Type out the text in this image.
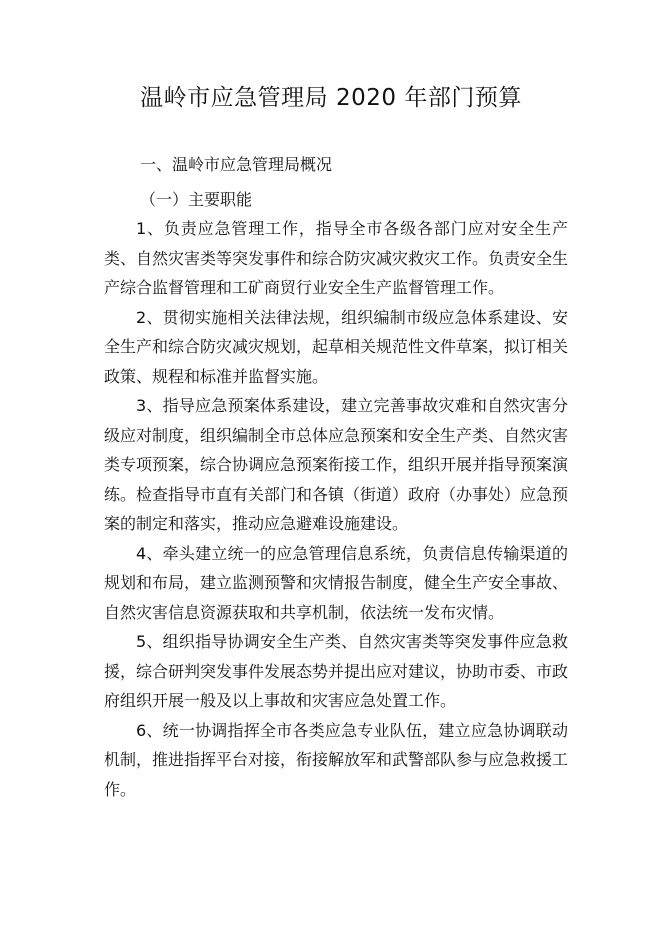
温岭市应急管理局 2020 年部门预算

一、温岭市应急管理局概况

（一）主要职能

1、负责应急管理工作，指导全市各级各部门应对安全生产类、自然灾害类等突发事件和综合防灾减灾救灾工作。负责安全生产综合监督管理和工矿商贸行业安全生产监督管理工作。

2、贯彻实施相关法律法规，组织编制市级应急体系建设、安全生产和综合防灾减灾规划，起草相关规范性文件草案，拟订相关政策、规程和标准并监督实施。

3、指导应急预案体系建设，建立完善事故灾难和自然灾害分级应对制度，组织编制全市总体应急预案和安全生产类、自然灾害类专项预案，综合协调应急预案衔接工作，组织开展并指导预案演练。检查指导市直有关部门和各镇（街道）政府（办事处）应急预案的制定和落实，推动应急避难设施建设。

4、牵头建立统一的应急管理信息系统，负责信息传输渠道的规划和布局，建立监测预警和灾情报告制度，健全生产安全事故、自然灾害信息资源获取和共享机制，依法统一发布灾情。

5、组织指导协调安全生产类、自然灾害类等突发事件应急救援，综合研判突发事件发展态势并提出应对建议，协助市委、市政府组织开展一般及以上事故和灾害应急处置工作。

6、统一协调指挥全市各类应急专业队伍，建立应急协调联动机制，推进指挥平台对接，衔接解放军和武警部队参与应急救援工作。
